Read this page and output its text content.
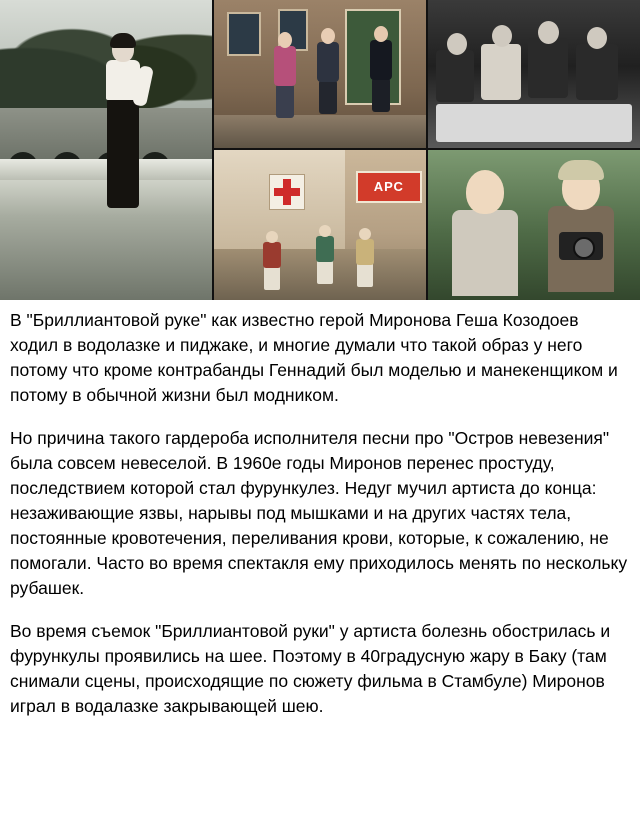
АРС

В "Бриллиантовой руке" как известно герой Миронова Геша Козодоев ходил в водолазке и пиджаке, и многие думали что такой образ у него потому что кроме контрабанды Геннадий был моделью и манекенщиком и потому в обычной жизни был модником.

Но причина такого гардероба исполнителя песни про "Остров невезения" была совсем невеселой. В 1960е годы Миронов перенес простуду, последствием которой стал фурункулез. Недуг мучил артиста до конца: незаживающие язвы, нарывы под мышками и на других частях тела, постоянные кровотечения, переливания крови, которые, к сожалению, не помогали. Часто во время спектакля ему приходилось менять по нескольку рубашек.

Во время съемок "Бриллиантовой руки" у артиста болезнь обострилась и фурункулы проявились на шее. Поэтому в 40градусную жару в Баку (там снимали сцены, происходящие по сюжету фильма в Стамбуле) Миронов играл в водалазке закрывающей шею.
